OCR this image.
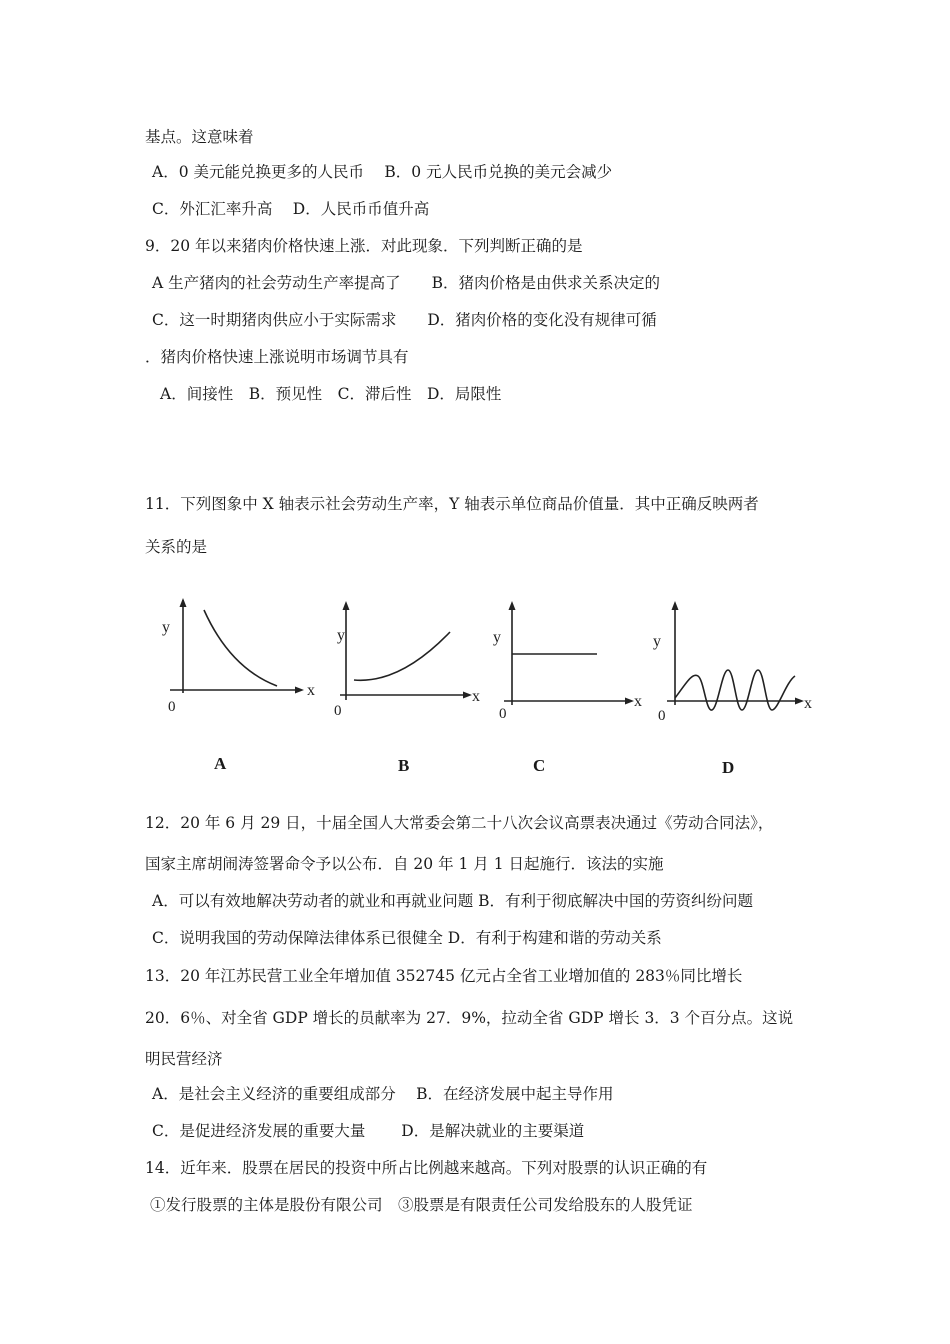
基点。这意味着
A．0 美元能兑换更多的人民币　 B．0 元人民币兑换的美元会减少
C．外汇汇率升高　 D．人民币币值升高
9．20 年以来猪肉价格快速上涨．对此现象．下列判断正确的是
A 生产猪肉的社会劳动生产率提高了　　B．猪肉价格是由供求关系决定的
C．这一时期猪肉供应小于实际需求　　D．猪肉价格的变化没有规律可循
．猪肉价格快速上涨说明市场调节具有
A．间接性　B．预见性　C．滞后性　D．局限性
11．下列图象中 X 轴表示社会劳动生产率，Y 轴表示单位商品价值量．其中正确反映两者
关系的是
y
x
0
A
y
x
0
B
y
x
0
C
y
x
0
D
12．20 年 6 月 29 日，十届全国人大常委会第二十八次会议高票表决通过《劳动合同法》，
国家主席胡闹涛签署命令予以公布．自 20 年 1 月 1 日起施行．该法的实施
A．可以有效地解决劳动者的就业和再就业问题 B．有利于彻底解决中国的劳资纠纷问题
C．说明我国的劳动保障法律体系已很健全 D．有利于构建和谐的劳动关系
13．20 年江苏民营工业全年增加值 352745 亿元占全省工业增加值的 283％同比增长
20．6％、对全省 GDP 增长的员献率为 27．9%，拉动全省 GDP 增长 3．3 个百分点。这说
明民营经济
A．是社会主义经济的重要组成部分　 B．在经济发展中起主导作用
C．是促进经济发展的重要大量　　 D．是解决就业的主要渠道
14．近年来．股票在居民的投资中所占比例越来越高。下列对股票的认识正确的有
①发行股票的主体是股份有限公司　③股票是有限责任公司发给股东的人股凭证
